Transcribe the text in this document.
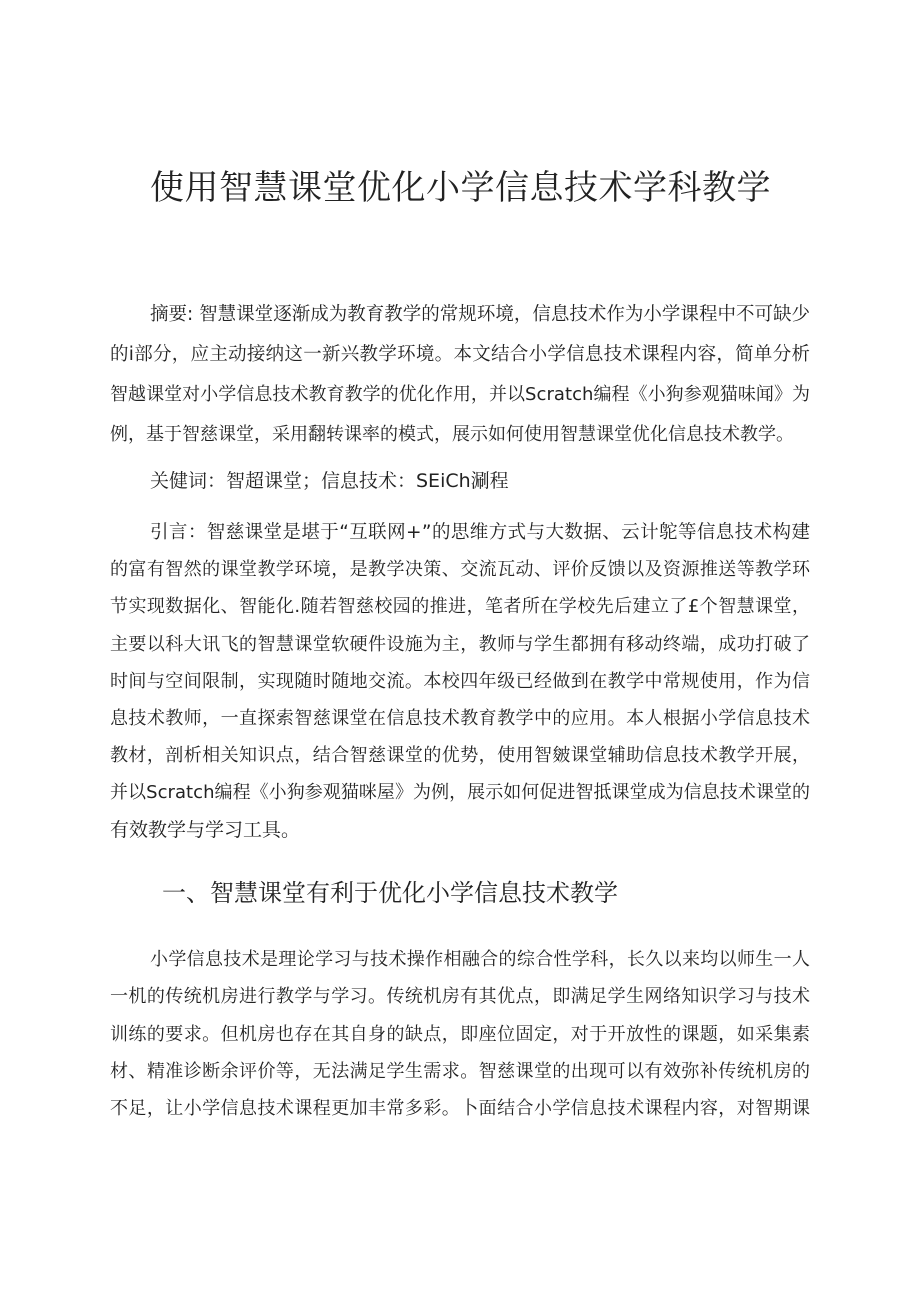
使用智慧课堂优化小学信息技术学科教学
摘要: 智慧课堂逐渐成为教育教学的常规环境，信息技术作为小学课程中不可缺少
的i部分，应主动接纳这一新兴教学环境。本文结合小学信息技术课程内容，简单分析
智越课堂对小学信息技术教育教学的优化作用，并以Scratch编程《小狗参观猫味闻》为
例，基于智慈课堂，采用翻转课率的模式，展示如何使用智慧课堂优化信息技术教学。
关健词：智超课堂；信息技术：SEiCh涮程
引言：智慈课堂是堪于“互联网+”的思维方式与大数据、云计鸵等信息技术构建
的富有智然的课堂教学环境，是教学决策、交流瓦动、评价反馈以及资源推送等教学环
节实现数据化、智能化.随若智慈校园的推进，笔者所在学校先后建立了£个智慧课堂，
主要以科大讯飞的智慧课堂软硬件设施为主，教师与学生都拥有移动终端，成功打破了
时间与空间限制，实现随时随地交流。本校四年级已经做到在教学中常规使用，作为信
息技术教师，一直探索智慈课堂在信息技术教育教学中的应用。本人根据小学信息技术
教材，剖析相关知识点，结合智慈课堂的优势，使用智皴课堂辅助信息技术教学开展，
并以Scratch编程《小狗参观猫咪屋》为例，展示如何促进智抵课堂成为信息技术课堂的
有效教学与学习工具。
一、智慧课堂有利于优化小学信息技术教学
小学信息技术是理论学习与技术操作相融合的综合性学科，长久以来均以师生一人
一机的传统机房进行教学与学习。传统机房有其优点，即满足学生网络知识学习与技术
训练的要求。但机房也存在其自身的缺点，即座位固定，对于开放性的课题，如采集素
材、精准诊断余评价等，无法满足学生需求。智慈课堂的出现可以有效弥补传统机房的
不足，让小学信息技术课程更加丰常多彩。卜面结合小学信息技术课程内容，对智期课
